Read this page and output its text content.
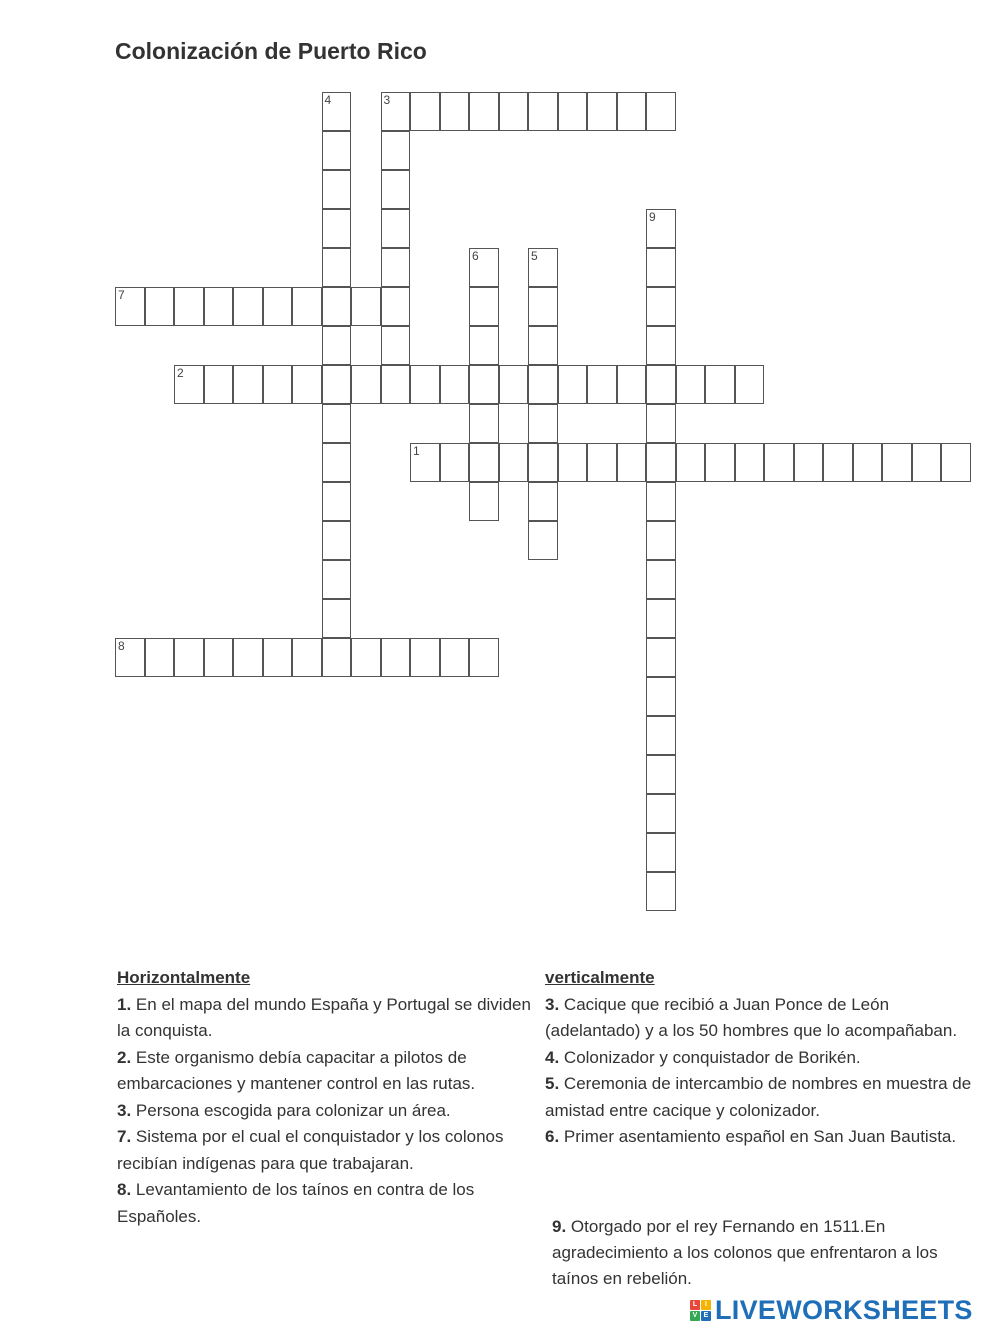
Colonización de Puerto Rico
1
2
3
7
8
4
5
6
9
Horizontalmente
1. En el mapa del mundo España y Portugal se dividen la conquista.
2. Este organismo debía capacitar a pilotos de embarcaciones y mantener control en las rutas.
3. Persona escogida para colonizar un área.
7. Sistema por el cual el conquistador y los colonos recibían indígenas para que trabajaran.
8. Levantamiento de los taínos en contra de los Españoles.
verticalmente
3. Cacique que recibió a Juan Ponce de León (adelantado) y a los 50 hombres que lo acompañaban.
4. Colonizador y conquistador de Borikén.
5. Ceremonia de intercambio de nombres en muestra de amistad entre cacique y colonizador.
6. Primer asentamiento español en San Juan Bautista.
9. Otorgado por el rey Fernando en 1511.En agradecimiento a los colonos que enfrentaron a los taínos en rebelión.
L	I
V E LIVEWORKSHEETS
